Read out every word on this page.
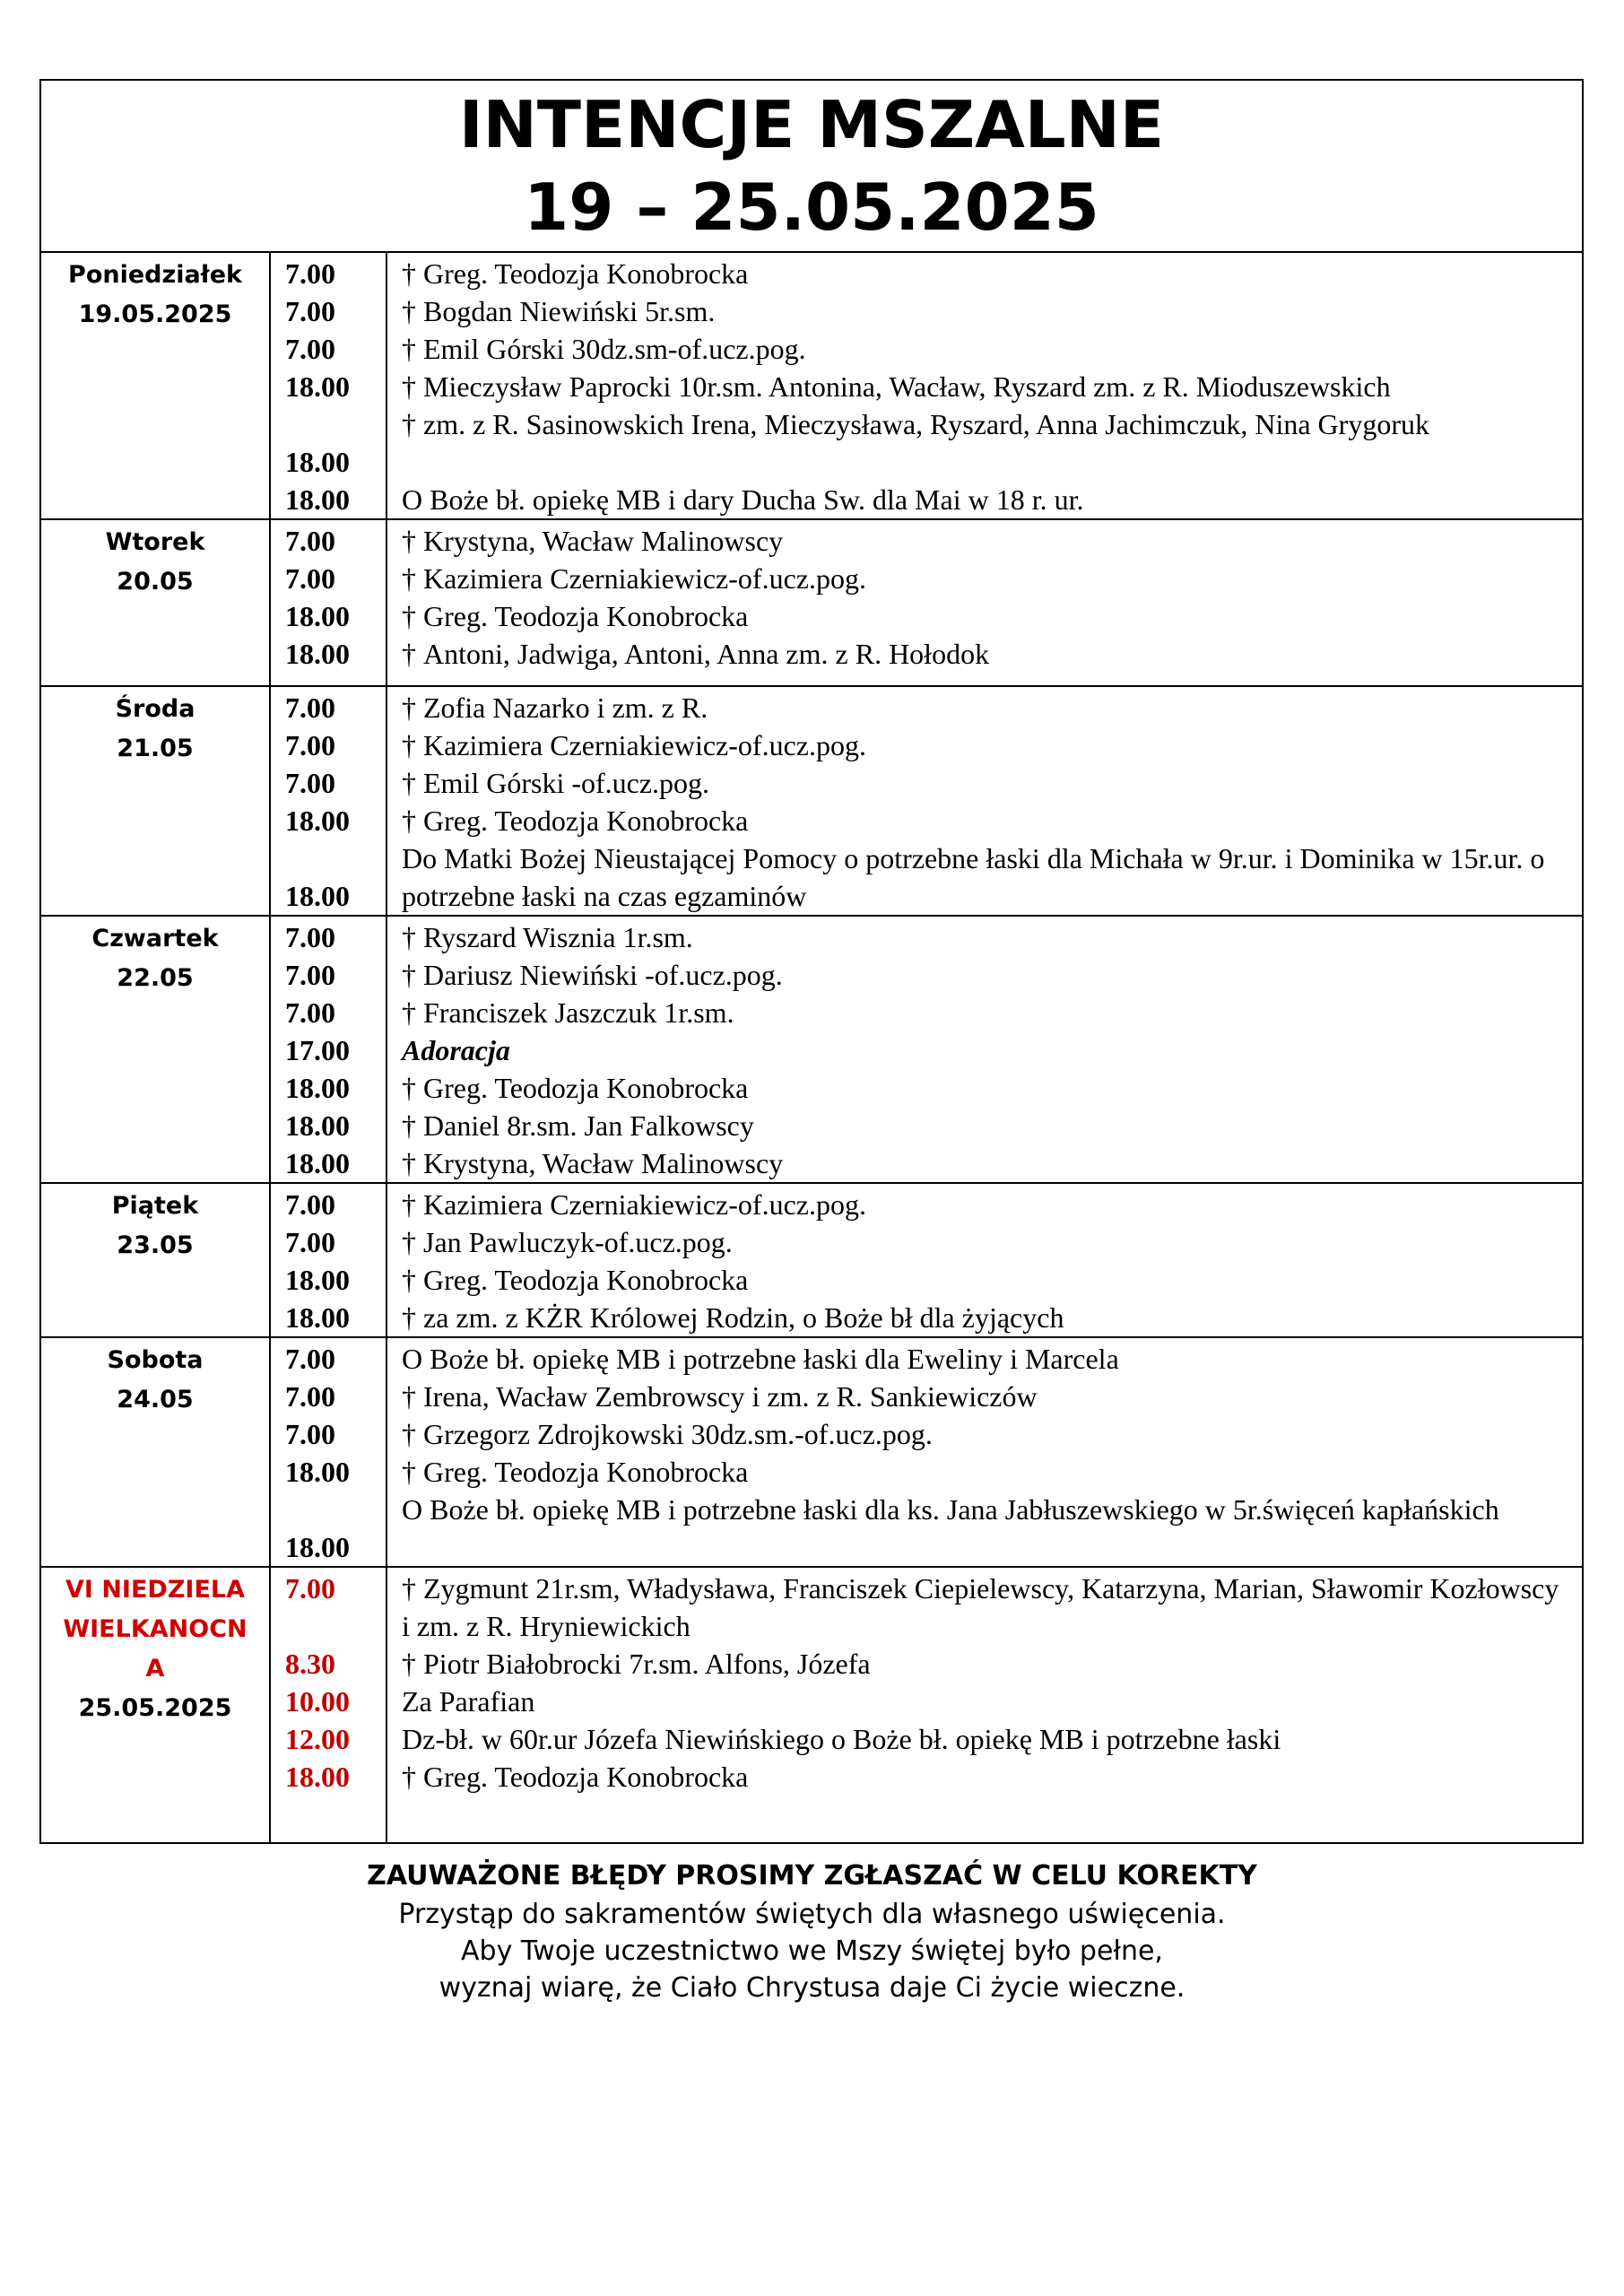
INTENCJE MSZALNE
19 – 25.05.2025
Poniedziałek
19.05.2025
7.00
7.00
7.00
18.00
18.00
18.00
† Greg. Teodozja Konobrocka
† Bogdan Niewiński 5r.sm.
† Emil Górski 30dz.sm-of.ucz.pog.
† Mieczysław Paprocki 10r.sm. Antonina, Wacław, Ryszard zm. z R. Mioduszewskich
† zm. z R. Sasinowskich Irena, Mieczysława, Ryszard, Anna Jachimczuk, Nina Grygoruk
O Boże bł. opiekę MB i dary Ducha Sw. dla Mai w 18 r. ur.
Wtorek
20.05
7.00
7.00
18.00
18.00
† Krystyna, Wacław Malinowscy
† Kazimiera Czerniakiewicz-of.ucz.pog.
† Greg. Teodozja Konobrocka
† Antoni, Jadwiga, Antoni, Anna zm. z R. Hołodok
Środa
21.05
7.00
7.00
7.00
18.00
18.00
† Zofia Nazarko i zm. z R.
† Kazimiera Czerniakiewicz-of.ucz.pog.
† Emil Górski -of.ucz.pog.
† Greg. Teodozja Konobrocka
Do Matki Bożej Nieustającej Pomocy o potrzebne łaski dla Michała w 9r.ur. i Dominika w 15r.ur. o potrzebne łaski na czas egzaminów
Czwartek
22.05
7.00
7.00
7.00
17.00
18.00
18.00
18.00
† Ryszard Wisznia 1r.sm.
† Dariusz Niewiński -of.ucz.pog.
† Franciszek Jaszczuk 1r.sm.
Adoracja
† Greg. Teodozja Konobrocka
† Daniel 8r.sm. Jan Falkowscy
† Krystyna, Wacław Malinowscy
Piątek
23.05
7.00
7.00
18.00
18.00
† Kazimiera Czerniakiewicz-of.ucz.pog.
† Jan Pawluczyk-of.ucz.pog.
† Greg. Teodozja Konobrocka
† za zm. z KŻR Królowej Rodzin, o Boże bł dla żyjących
Sobota
24.05
7.00
7.00
7.00
18.00
18.00
O Boże bł. opiekę MB i potrzebne łaski dla Eweliny i Marcela
† Irena, Wacław Zembrowscy i zm. z R. Sankiewiczów
† Grzegorz Zdrojkowski 30dz.sm.-of.ucz.pog.
† Greg. Teodozja Konobrocka
O Boże bł. opiekę MB i potrzebne łaski dla ks. Jana Jabłuszewskiego w 5r.święceń kapłańskich
VI NIEDZIELA
WIELKANOCN
A
25.05.2025
7.00
8.30
10.00
12.00
18.00
† Zygmunt 21r.sm, Władysława, Franciszek Ciepielewscy, Katarzyna, Marian, Sławomir Kozłowscy i zm. z R. Hryniewickich
† Piotr Białobrocki 7r.sm. Alfons, Józefa
Za Parafian
Dz-bł. w 60r.ur Józefa Niewińskiego o Boże bł. opiekę MB i potrzebne łaski
† Greg. Teodozja Konobrocka
ZAUWAŻONE BŁĘDY PROSIMY ZGŁASZAĆ W CELU KOREKTY
Przystąp do sakramentów świętych dla własnego uświęcenia.
Aby Twoje uczestnictwo we Mszy świętej było pełne,
wyznaj wiarę, że Ciało Chrystusa daje Ci życie wieczne.
